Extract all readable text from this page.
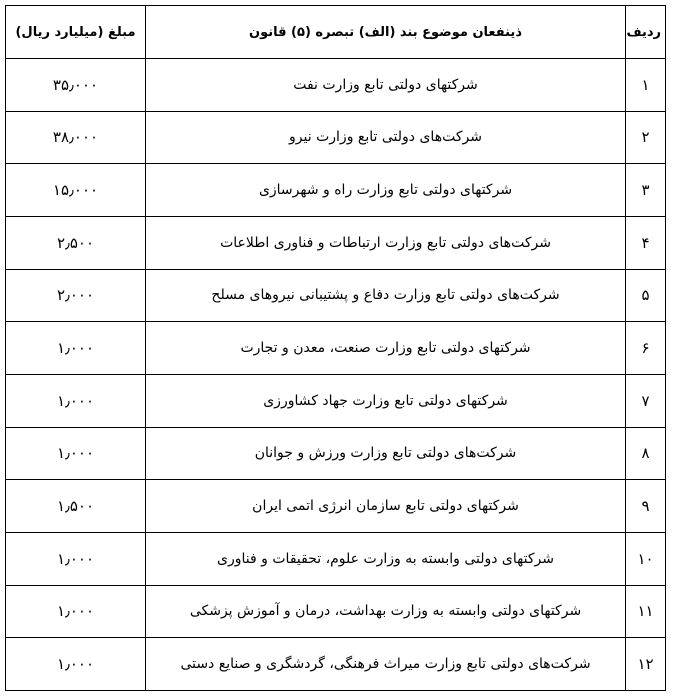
ردیف	ذینفعان موضوع بند (الف) تبصره (۵) قانون	مبلغ (میلیارد ریال)
۱	شرکتهای دولتی تابع وزارت نفت	۳۵٫۰۰۰
۲	شرکت‌های دولتی تابع وزارت نیرو	۳۸٫۰۰۰
۳	شرکتهای دولتی تابع وزارت راه و شهرسازی	۱۵٫۰۰۰
۴	شرکت‌های دولتی تابع وزارت ارتباطات و فناوری اطلاعات	۲٫۵۰۰
۵	شرکت‌های دولتی تابع وزارت دفاع و پشتیبانی نیروهای مسلح	۲٫۰۰۰
۶	شرکتهای دولتی تابع وزارت صنعت، معدن و تجارت	۱٫۰۰۰
۷	شرکتهای دولتی تابع وزارت جهاد کشاورزی	۱٫۰۰۰
۸	شرکت‌های دولتی تابع وزارت ورزش و جوانان	۱٫۰۰۰
۹	شرکتهای دولتی تابع سازمان انرژی اتمی ایران	۱٫۵۰۰
۱۰	شرکتهای دولتی وابسته به وزارت علوم، تحقیقات و فناوری	۱٫۰۰۰
۱۱	شرکتهای دولتی وابسته به وزارت بهداشت، درمان و آموزش پزشکی	۱٫۰۰۰
۱۲	شرکت‌های دولتی تابع وزارت میراث فرهنگی، گردشگری و صنایع دستی	۱٫۰۰۰
